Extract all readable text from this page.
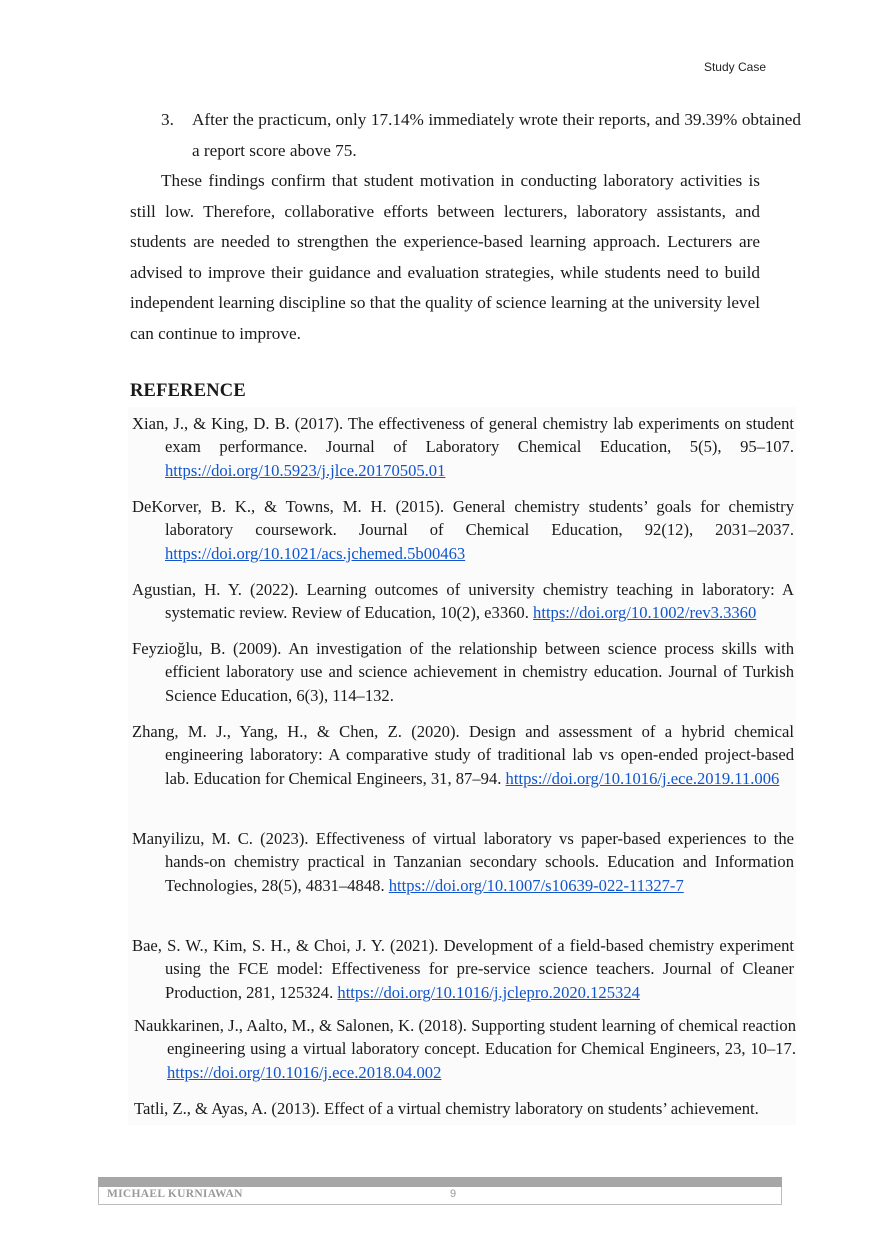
Study Case
3. After the practicum, only 17.14% immediately wrote their reports, and 39.39% obtained a report score above 75.
These findings confirm that student motivation in conducting laboratory activities is still low. Therefore, collaborative efforts between lecturers, laboratory assistants, and students are needed to strengthen the experience-based learning approach. Lecturers are advised to improve their guidance and evaluation strategies, while students need to build independent learning discipline so that the quality of science learning at the university level can continue to improve.
REFERENCE
Xian, J., & King, D. B. (2017). The effectiveness of general chemistry lab experiments on student exam performance. Journal of Laboratory Chemical Education, 5(5), 95–107. https://doi.org/10.5923/j.jlce.20170505.01
DeKorver, B. K., & Towns, M. H. (2015). General chemistry students’ goals for chemistry laboratory coursework. Journal of Chemical Education, 92(12), 2031–2037. https://doi.org/10.1021/acs.jchemed.5b00463
Agustian, H. Y. (2022). Learning outcomes of university chemistry teaching in laboratory: A systematic review. Review of Education, 10(2), e3360. https://doi.org/10.1002/rev3.3360
Feyzioğlu, B. (2009). An investigation of the relationship between science process skills with efficient laboratory use and science achievement in chemistry education. Journal of Turkish Science Education, 6(3), 114–132.
Zhang, M. J., Yang, H., & Chen, Z. (2020). Design and assessment of a hybrid chemical engineering laboratory: A comparative study of traditional lab vs open-ended project-based lab. Education for Chemical Engineers, 31, 87–94. https://doi.org/10.1016/j.ece.2019.11.006
Manyilizu, M. C. (2023). Effectiveness of virtual laboratory vs paper-based experiences to the hands-on chemistry practical in Tanzanian secondary schools. Education and Information Technologies, 28(5), 4831–4848. https://doi.org/10.1007/s10639-022-11327-7
Bae, S. W., Kim, S. H., & Choi, J. Y. (2021). Development of a field-based chemistry experiment using the FCE model: Effectiveness for pre-service science teachers. Journal of Cleaner Production, 281, 125324. https://doi.org/10.1016/j.jclepro.2020.125324
Naukkarinen, J., Aalto, M., & Salonen, K. (2018). Supporting student learning of chemical reaction engineering using a virtual laboratory concept. Education for Chemical Engineers, 23, 10–17. https://doi.org/10.1016/j.ece.2018.04.002
Tatli, Z., & Ayas, A. (2013). Effect of a virtual chemistry laboratory on students’ achievement.
MICHAEL KURNIAWAN	9
